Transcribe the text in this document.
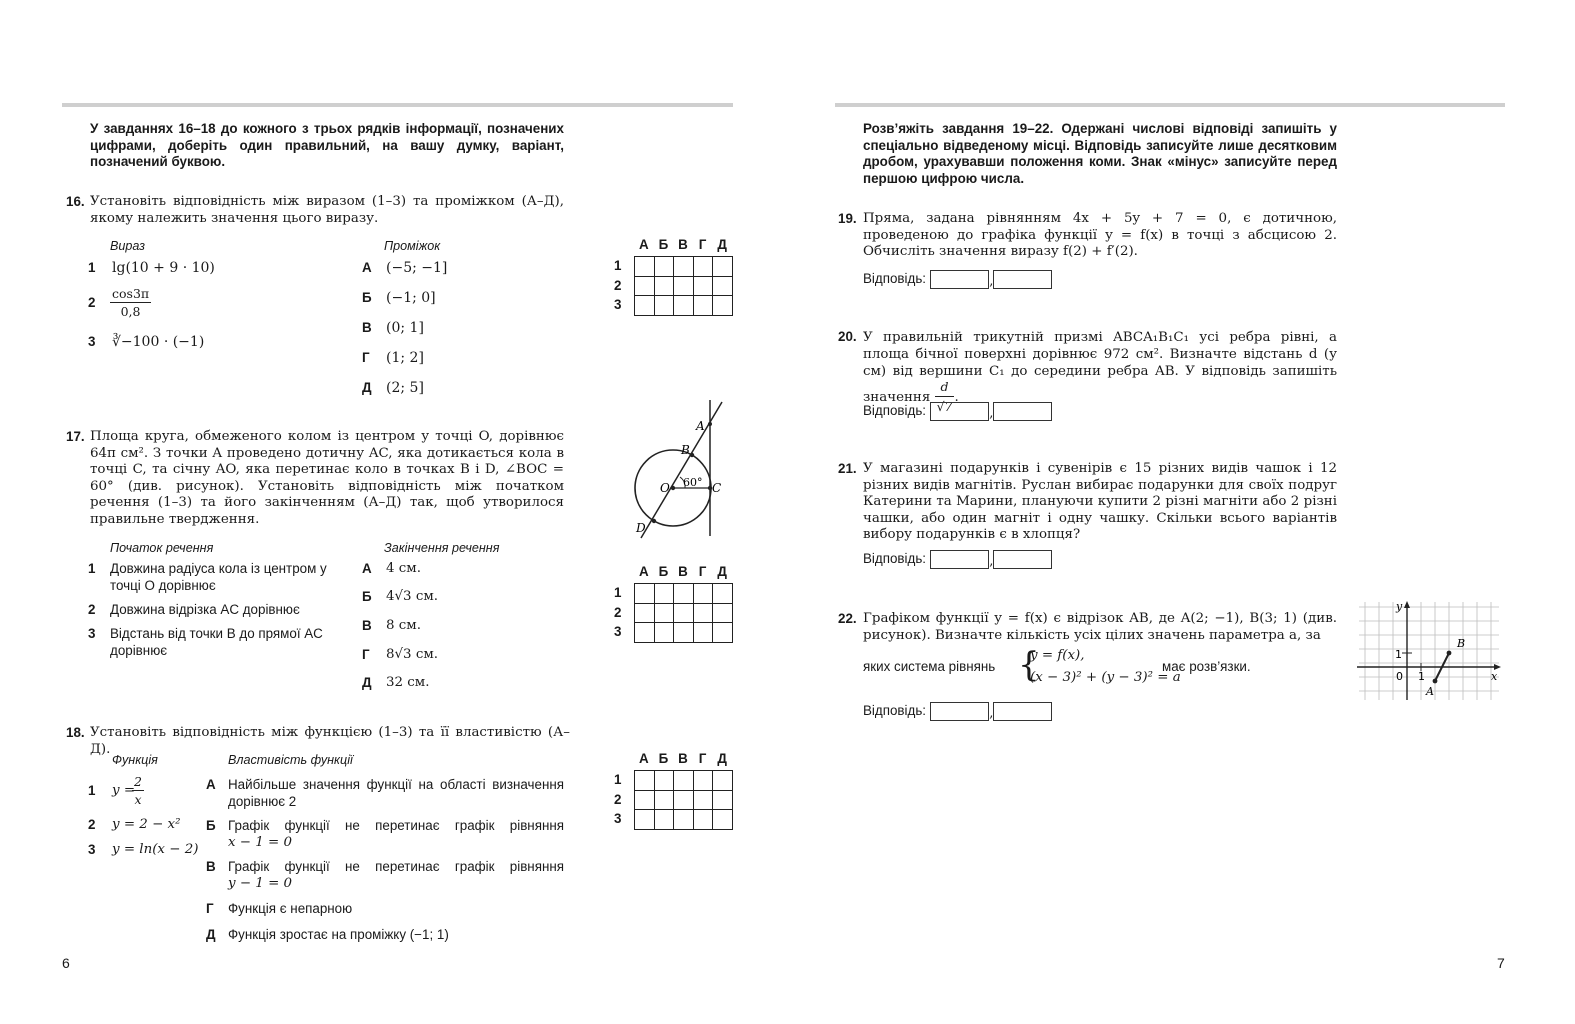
У завданнях 16–18 до кожного з трьох рядків інформації, позначених цифрами, доберіть один правильний, на вашу думку, варіант, позначений буквою.
16. Установіть відповідність між виразом (1–3) та проміжком (А–Д), якому належить значення цього виразу.
Вираз	Проміжок
1 lg(10 + 9 · 10)
$2 \frac{\cos 3\pi}{0,8}$
3 ∛−100 · (−1)
А (−5; −1]
Б (−1; 0]
В (0; 1]
Г (1; 2]
Д (2; 5]
А Б В Г Д
1
2
3

17. Площа круга, обмеженого колом із центром у точці O, дорівнює 64π см². З точки A проведено дотичну AC, яка дотикається кола в точці C, та січну AO, яка перетинає коло в точках B і D, ∠BOC = 60° (див. рисунок). Установіть відповідність між початком речення (1–3) та його закінченням (А–Д) так, щоб утворилося правильне твердження.
A
B
O 60° C
D
Початок речення	Закінчення речення
1 Довжина радіуса кола із центром у точці O дорівнює
2 Довжина відрізка AC дорівнює
3 Відстань від точки B до прямої AC дорівнює
А 4 см.
Б 4√3 см.
В 8 см.
Г 8√3 см.
Д 32 см.
А Б В Г Д
1
2
3

18. Установіть відповідність між функцією (1–3) та її властивістю (А–Д).
Функція	Властивість функції
1 y =
$\frac{2}{x}$
2 y = 2 − x²
3 y = ln(x − 2)
А Найбільше значення функції на області визначення дорівнює 2
Б Графік функції не перетинає графік рівняння
x − 1 = 0
В Графік функції не перетинає графік рівняння
y − 1 = 0
Г Функція є непарною
Д Функція зростає на проміжку (−1; 1)
А Б В Г Д
1
2
3

6
Розв’яжіть завдання 19–22. Одержані числові відповіді запишіть у спеціально відведеному місці. Відповідь записуйте лише десятковим дробом, урахувавши положення коми. Знак «мінус» записуйте перед першою цифрою числа.
19. Пряма, задана рівнянням 4x + 5y + 7 = 0, є дотичною, проведеною до графіка функції y = f(x) в точці з абсцисою 2. Обчисліть значення виразу f(2) + f′(2).
Відповідь:	,
20. У правильній трикутній призмі ABCA₁B₁C₁ усі ребра рівні, а площа бічної поверхні дорівнює 972 см². Визначте відстань d (у см) від вершини C₁ до середини ребра AB. У відповідь запишіть значення $\frac{d}{√7}$ .
Відповідь:	,
21. У магазині подарунків і сувенірів є 15 різних видів чашок і 12 різних видів магнітів. Руслан вибирає подарунки для своїх подруг Катерини та Марини, плануючи купити 2 різні магніти або 2 різні чашки, або один магніт і одну чашку. Скільки всього варіантів вибору подарунків є в хлопця?
Відповідь:	,
22. Графіком функції y = f(x) є відрізок AB, де A(2; −1), B(3; 1) (див. рисунок). Визначте кількість усіх цілих значень параметра a, за
яких система рівнянь {
y = f(x),
(x − 3)² + (y − 3)² = a
має розв’язки.
Відповідь:	,
y
x
1
0 1
A
B
7
